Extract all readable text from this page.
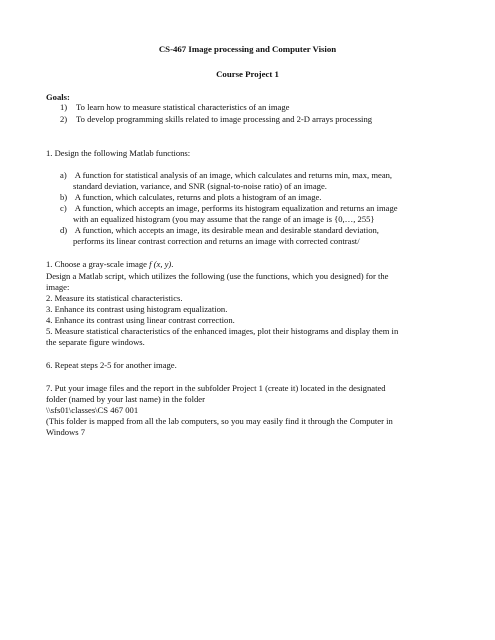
CS-467 Image processing and Computer Vision
Course Project 1
Goals:
1) To learn how to measure statistical characteristics of an image
2) To develop programming skills related to image processing and 2-D arrays processing
1. Design the following Matlab functions:
a) A function for statistical analysis of an image, which calculates and returns min, max, mean,
standard deviation, variance, and SNR (signal-to-noise ratio) of an image.
b) A function, which calculates, returns and plots a histogram of an image.
c) A function, which accepts an image, performs its histogram equalization and returns an image
with an equalized histogram (you may assume that the range of an image is {0,…, 255}
d) A function, which accepts an image, its desirable mean and desirable standard deviation,
performs its linear contrast correction and returns an image with corrected contrast/
1. Choose a gray-scale image f (x, y).
Design a Matlab script, which utilizes the following (use the functions, which you designed) for the
image:
2. Measure its statistical characteristics.
3. Enhance its contrast using histogram equalization.
4. Enhance its contrast using linear contrast correction.
5. Measure statistical characteristics of the enhanced images, plot their histograms and display them in
the separate figure windows.
6. Repeat steps 2-5 for another image.
7. Put your image files and the report in the subfolder Project 1 (create it) located in the designated
folder (named by your last name) in the folder
\\sfs01\classes\CS 467 001
(This folder is mapped from all the lab computers, so you may easily find it through the Computer in
Windows 7
